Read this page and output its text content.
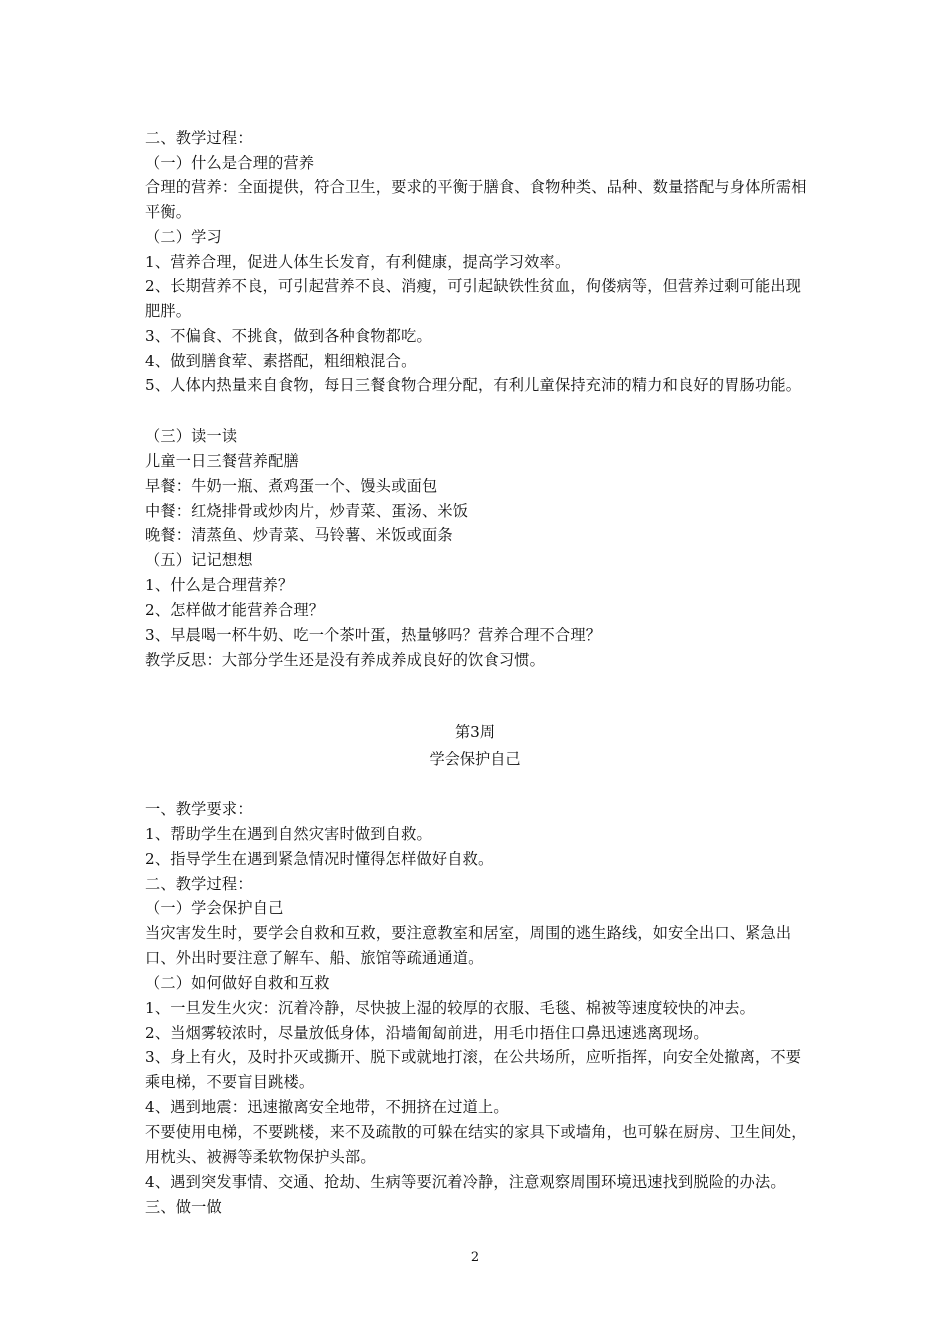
二、教学过程：
（一）什么是合理的营养
合理的营养：全面提供，符合卫生，要求的平衡于膳食、食物种类、品种、数量搭配与身体所需相平衡。
（二）学习
1、营养合理，促进人体生长发育，有利健康，提高学习效率。
2、长期营养不良，可引起营养不良、消瘦，可引起缺铁性贫血，佝偻病等，但营养过剩可能出现肥胖。
3、不偏食、不挑食，做到各种食物都吃。
4、做到膳食荤、素搭配，粗细粮混合。
5、人体内热量来自食物，每日三餐食物合理分配，有利儿童保持充沛的精力和良好的胃肠功能。
（三）读一读
儿童一日三餐营养配膳
早餐：牛奶一瓶、煮鸡蛋一个、馒头或面包
中餐：红烧排骨或炒肉片，炒青菜、蛋汤、米饭
晚餐：清蒸鱼、炒青菜、马铃薯、米饭或面条
（五）记记想想
1、什么是合理营养？
2、怎样做才能营养合理？
3、早晨喝一杯牛奶、吃一个茶叶蛋，热量够吗？营养合理不合理？
教学反思：大部分学生还是没有养成养成良好的饮食习惯。
第3周
学会保护自己
一、教学要求：
1、帮助学生在遇到自然灾害时做到自救。
2、指导学生在遇到紧急情况时懂得怎样做好自救。
二、教学过程：
（一）学会保护自己
当灾害发生时，要学会自救和互救，要注意教室和居室，周围的逃生路线，如安全出口、紧急出口、外出时要注意了解车、船、旅馆等疏通通道。
（二）如何做好自救和互救
1、一旦发生火灾：沉着冷静，尽快披上湿的较厚的衣服、毛毯、棉被等速度较快的冲去。
2、当烟雾较浓时，尽量放低身体，沿墙匍匐前进，用毛巾捂住口鼻迅速逃离现场。
3、身上有火，及时扑灭或撕开、脱下或就地打滚，在公共场所，应听指挥，向安全处撤离，不要乘电梯，不要盲目跳楼。
4、遇到地震：迅速撤离安全地带，不拥挤在过道上。
不要使用电梯，不要跳楼，来不及疏散的可躲在结实的家具下或墙角，也可躲在厨房、卫生间处，用枕头、被褥等柔软物保护头部。
4、遇到突发事情、交通、抢劫、生病等要沉着冷静，注意观察周围环境迅速找到脱险的办法。
三、做一做
2
